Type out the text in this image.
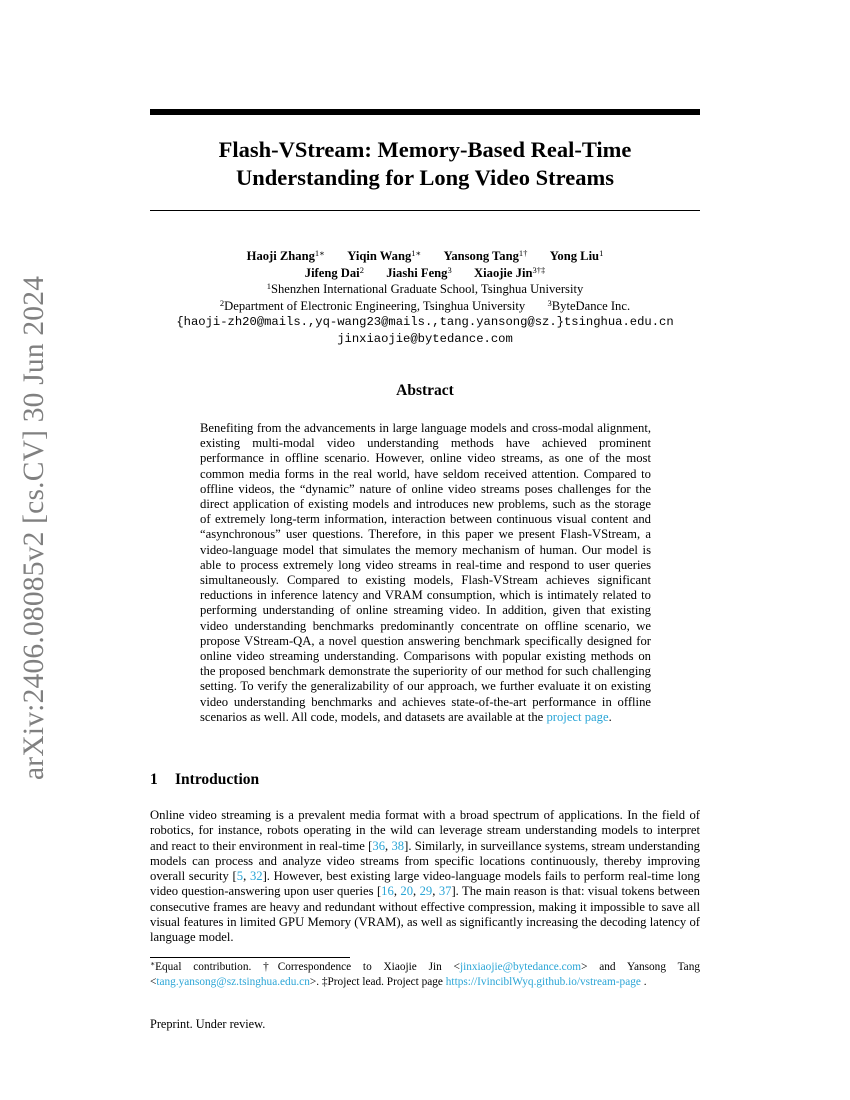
arXiv:2406.08085v2 [cs.CV] 30 Jun 2024
Flash-VStream: Memory-Based Real-Time
Understanding for Long Video Streams
Haoji Zhang$^{1∗}$ Yiqin Wang$^{1∗}$ Yansong Tang$^{1\dagger}$ Yong Liu$^1$
Jifeng Dai$^2$ Jiashi Feng$^3$ Xiaojie Jin$^{3\dagger\ddagger}$
$^1$Shenzhen International Graduate School, Tsinghua University
$^2$Department of Electronic Engineering, Tsinghua University	$^3$ByteDance Inc.
{haoji-zh20@mails.,yq-wang23@mails.,tang.yansong@sz.}tsinghua.edu.cn
jinxiaojie@bytedance.com
Abstract
Benefiting from the advancements in large language models and cross-modal alignment, existing multi-modal video understanding methods have achieved prominent performance in offline scenario. However, online video streams, as one of the most common media forms in the real world, have seldom received attention. Compared to offline videos, the “dynamic” nature of online video streams poses challenges for the direct application of existing models and introduces new problems, such as the storage of extremely long-term information, interaction between continuous visual content and “asynchronous” user questions. Therefore, in this paper we present Flash-VStream, a video-language model that simulates the memory mechanism of human. Our model is able to process extremely long video streams in real-time and respond to user queries simultaneously. Compared to existing models, Flash-VStream achieves significant reductions in inference latency and VRAM consumption, which is intimately related to performing understanding of online streaming video. In addition, given that existing video understanding benchmarks predominantly concentrate on offline scenario, we propose VStream-QA, a novel question answering benchmark specifically designed for online video streaming understanding. Comparisons with popular existing methods on the proposed benchmark demonstrate the superiority of our method for such challenging setting. To verify the generalizability of our approach, we further evaluate it on existing video understanding benchmarks and achieves state-of-the-art performance in offline scenarios as well. All code, models, and datasets are available at the project page.
1 Introduction
Online video streaming is a prevalent media format with a broad spectrum of applications. In the field of robotics, for instance, robots operating in the wild can leverage stream understanding models to interpret and react to their environment in real-time [36, 38]. Similarly, in surveillance systems, stream understanding models can process and analyze video streams from specific locations continuously, thereby improving overall security [5, 32]. However, best existing large video-language models fails to perform real-time long video question-answering upon user queries [16, 20, 29, 37]. The main reason is that: visual tokens between consecutive frames are heavy and redundant without effective compression, making it impossible to save all visual features in limited GPU Memory (VRAM), as well as significantly increasing the decoding latency of language model.
∗Equal contribution. †Correspondence to Xiaojie Jin <jinxiaojie@bytedance.com> and Yansong Tang <tang.yansong@sz.tsinghua.edu.cn>. ‡Project lead. Project page https://IvinciblWyq.github.io/vstream-page .
Preprint. Under review.
